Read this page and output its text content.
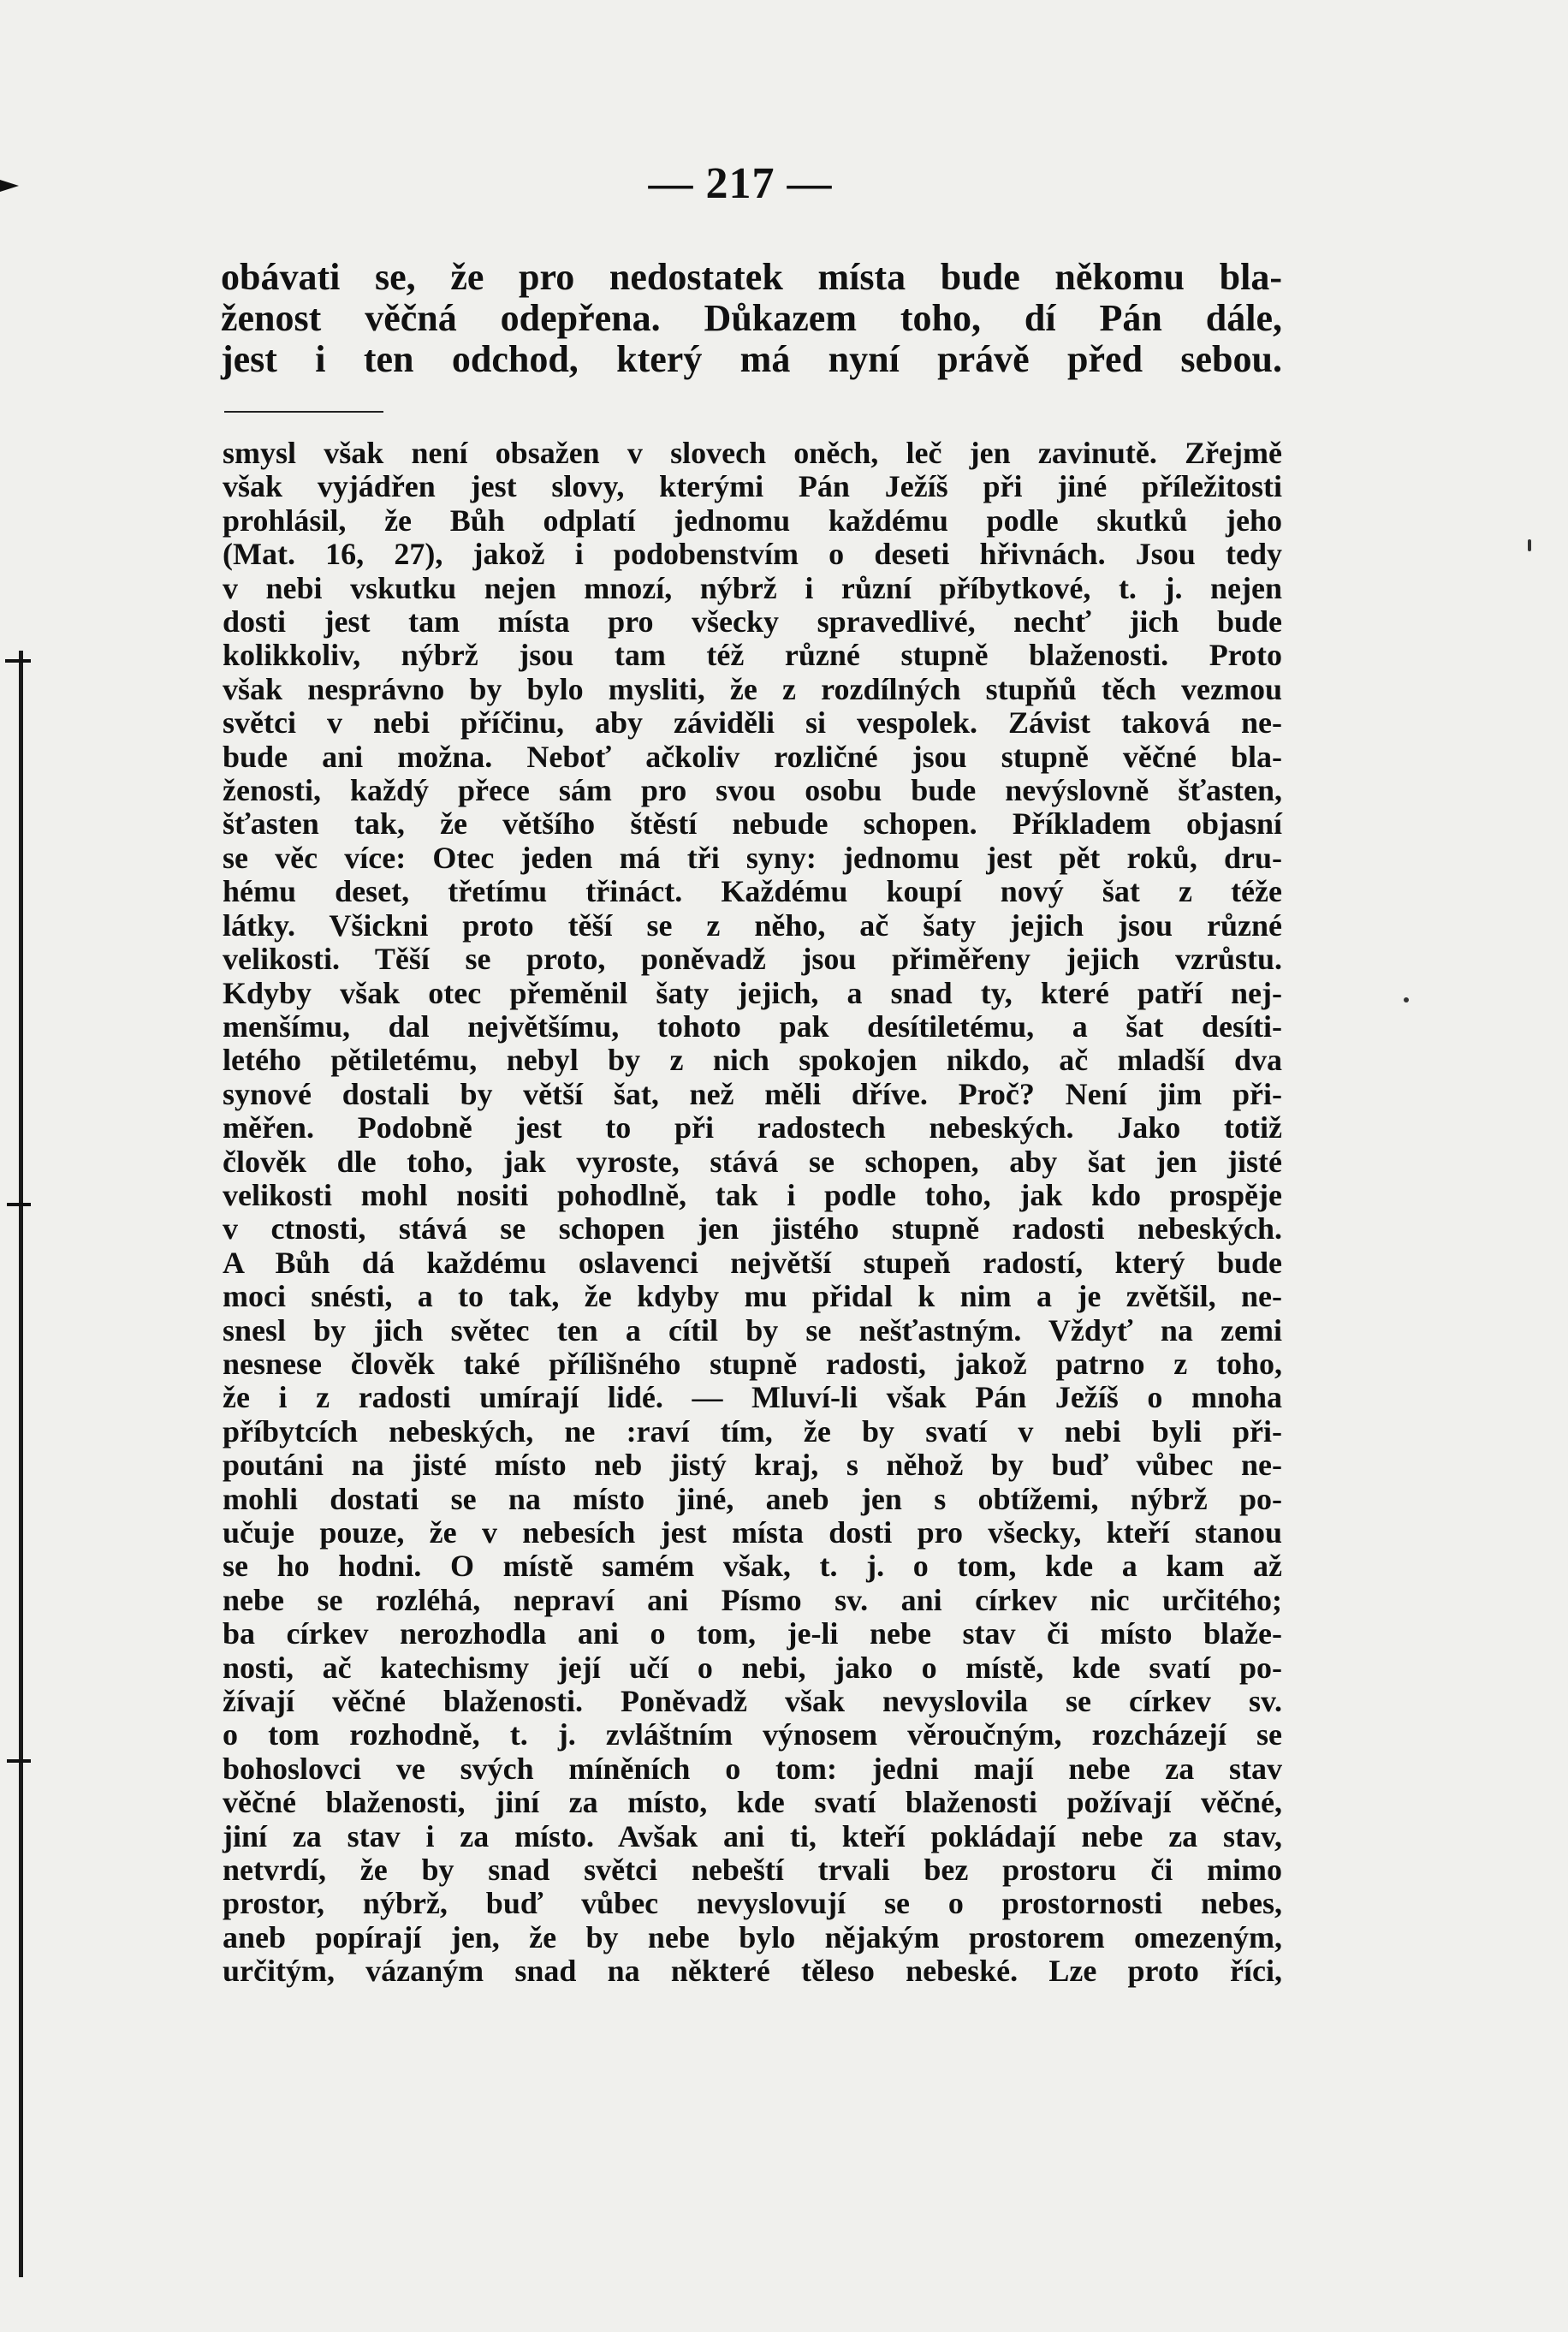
— 217 —
obávati se, že pro nedostatek místa bude někomu bla-
ženost věčná odepřena. Důkazem toho, dí Pán dále,
jest i ten odchod, který má nyní právě před sebou.
smysl však není obsažen v slovech oněch, leč jen zavinutě. Zřejmě
však vyjádřen jest slovy, kterými Pán Ježíš při jiné příležitosti
prohlásil, že Bůh odplatí jednomu každému podle skutků jeho
(Mat. 16, 27), jakož i podobenstvím o deseti hřivnách. Jsou tedy
v nebi vskutku nejen mnozí, nýbrž i různí příbytkové, t. j. nejen
dosti jest tam místa pro všecky spravedlivé, nechť jich bude
kolikkoliv, nýbrž jsou tam též různé stupně blaženosti. Proto
však nesprávno by bylo mysliti, že z rozdílných stupňů těch vezmou
světci v nebi příčinu, aby záviděli si vespolek. Závist taková ne-
bude ani možna. Neboť ačkoliv rozličné jsou stupně věčné bla-
ženosti, každý přece sám pro svou osobu bude nevýslovně šťasten,
šťasten tak, že většího štěstí nebude schopen. Příkladem objasní
se věc více: Otec jeden má tři syny: jednomu jest pět roků, dru-
hému deset, třetímu třináct. Každému koupí nový šat z téže
látky. Všickni proto těší se z něho, ač šaty jejich jsou různé
velikosti. Těší se proto, poněvadž jsou přiměřeny jejich vzrůstu.
Kdyby však otec přeměnil šaty jejich, a snad ty, které patří nej-
menšímu, dal největšímu, tohoto pak desítiletému, a šat desíti-
letého pětiletému, nebyl by z nich spokojen nikdo, ač mladší dva
synové dostali by větší šat, než měli dříve. Proč? Není jim při-
měřen. Podobně jest to při radostech nebeských. Jako totiž
člověk dle toho, jak vyroste, stává se schopen, aby šat jen jisté
velikosti mohl nositi pohodlně, tak i podle toho, jak kdo prospěje
v ctnosti, stává se schopen jen jistého stupně radosti nebeských.
A Bůh dá každému oslavenci největší stupeň radostí, který bude
moci snésti, a to tak, že kdyby mu přidal k nim a je zvětšil, ne-
snesl by jich světec ten a cítil by se nešťastným. Vždyť na zemi
nesnese člověk také přílišného stupně radosti, jakož patrno z toho,
že i z radosti umírají lidé. — Mluví-li však Pán Ježíš o mnoha
příbytcích nebeských, ne :raví tím, že by svatí v nebi byli při-
poutáni na jisté místo neb jistý kraj, s něhož by buď vůbec ne-
mohli dostati se na místo jiné, aneb jen s obtížemi, nýbrž po-
učuje pouze, že v nebesích jest místa dosti pro všecky, kteří stanou
se ho hodni. O místě samém však, t. j. o tom, kde a kam až
nebe se rozléhá, nepraví ani Písmo sv. ani církev nic určitého;
ba církev nerozhodla ani o tom, je-li nebe stav či místo blaže-
nosti, ač katechismy její učí o nebi, jako o místě, kde svatí po-
žívají věčné blaženosti. Poněvadž však nevyslovila se církev sv.
o tom rozhodně, t. j. zvláštním výnosem věroučným, rozcházejí se
bohoslovci ve svých míněních o tom: jedni mají nebe za stav
věčné blaženosti, jiní za místo, kde svatí blaženosti požívají věčné,
jiní za stav i za místo. Avšak ani ti, kteří pokládají nebe za stav,
netvrdí, že by snad světci nebeští trvali bez prostoru či mimo
prostor, nýbrž, buď vůbec nevyslovují se o prostornosti nebes,
aneb popírají jen, že by nebe bylo nějakým prostorem omezeným,
určitým, vázaným snad na některé těleso nebeské. Lze proto říci,
